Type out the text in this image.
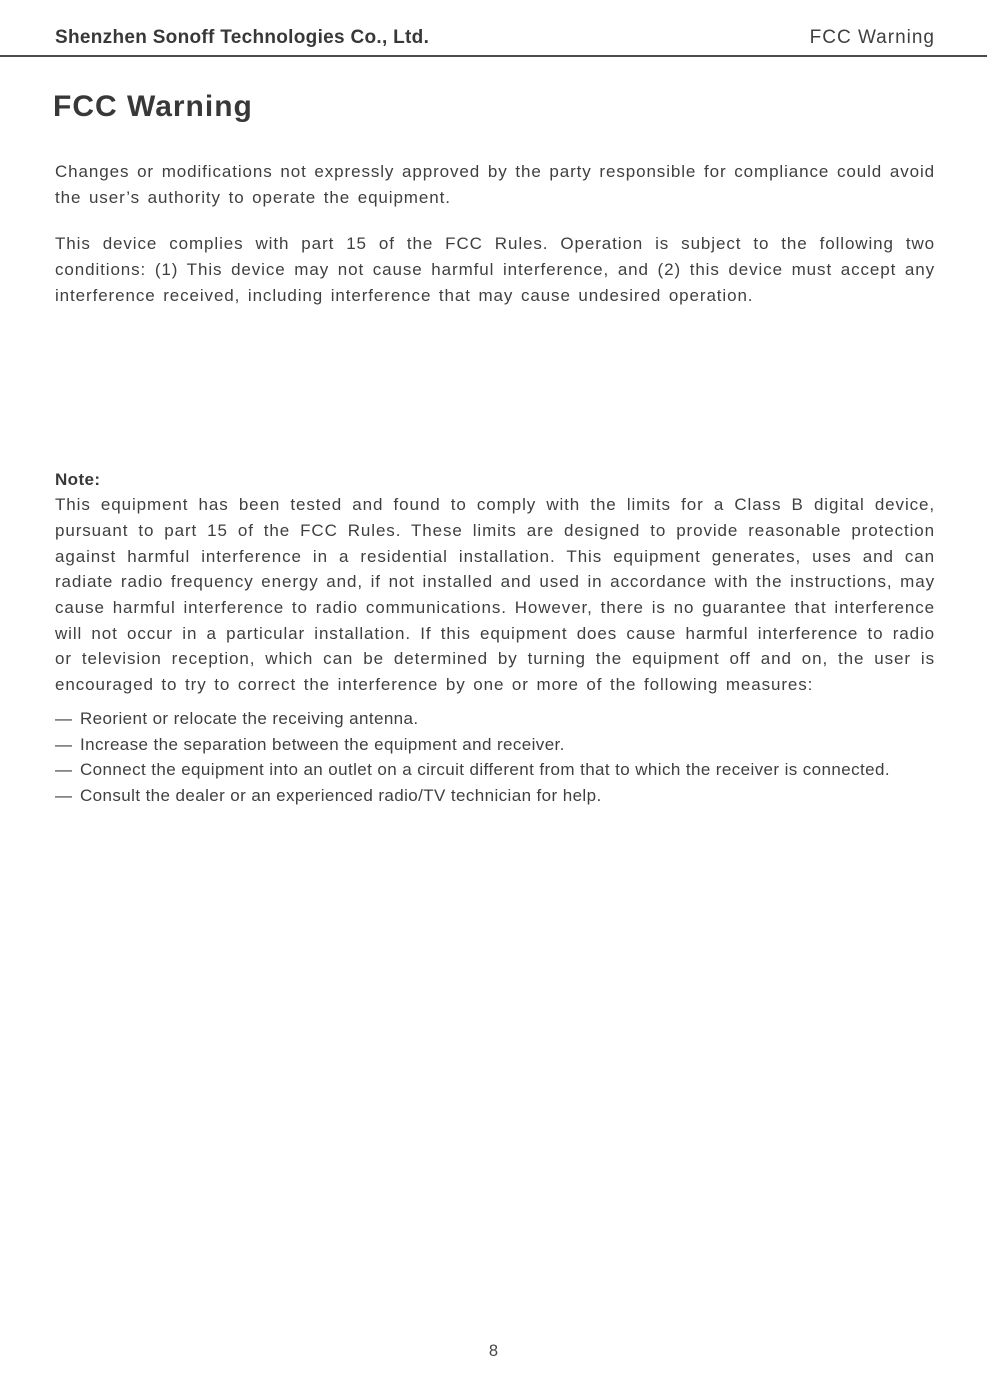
Shenzhen Sonoff Technologies Co., Ltd.	FCC Warning
FCC Warning

Changes or modifications not expressly approved by the party responsible for compliance could avoid the user’s authority to operate the equipment.

This device complies with part 15 of the FCC Rules. Operation is subject to the following two conditions: (1) This device may not cause harmful interference, and (2) this device must accept any interference received, including interference that may cause undesired operation.

Note:

This equipment has been tested and found to comply with the limits for a Class B digital device, pursuant to part 15 of the FCC Rules. These limits are designed to provide reasonable protection against harmful interference in a residential installation. This equipment generates, uses and can radiate radio frequency energy and, if not installed and used in accordance with the instructions, may cause harmful interference to radio communications. However, there is no guarantee that interference will not occur in a particular installation. If this equipment does cause harmful interference to radio or television reception, which can be determined by turning the equipment off and on, the user is encouraged to try to correct the interference by one or more of the following measures:

— Reorient or relocate the receiving antenna.
— Increase the separation between the equipment and receiver.
— Connect the equipment into an outlet on a circuit different from that to which the receiver is connected.
— Consult the dealer or an experienced radio/TV technician for help.
8
